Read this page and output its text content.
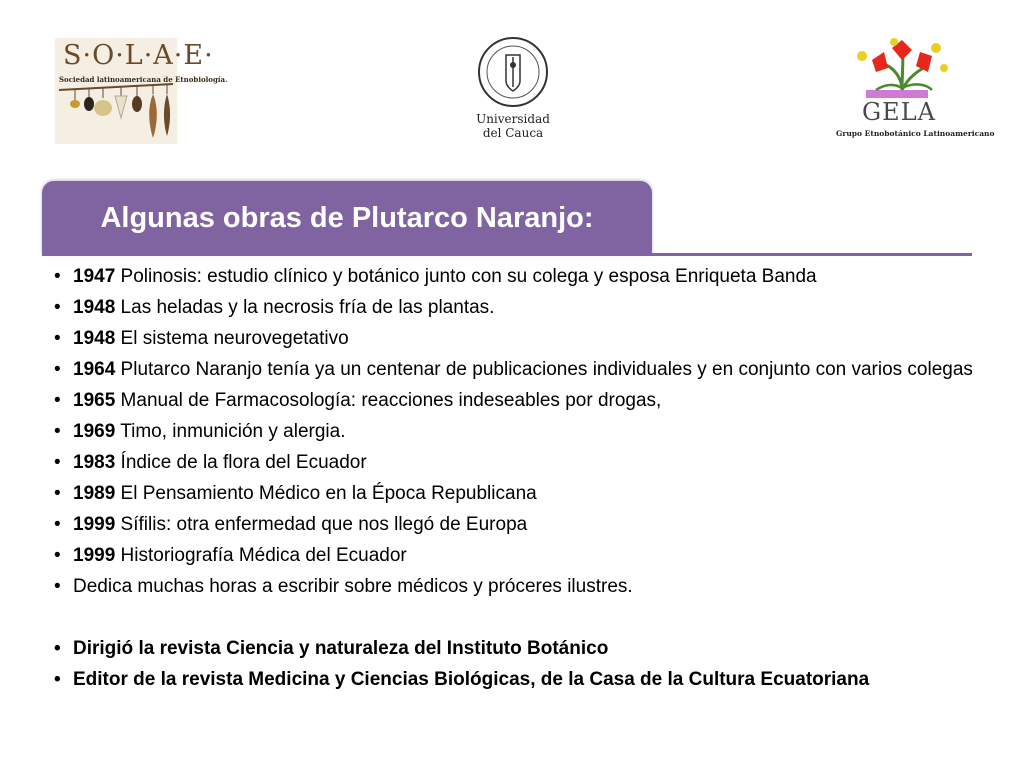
S·O·L·A·E·
Sociedad latinoamericana de Etnobiología.
Universidad
del Cauca
GELA
Grupo Etnobotánico Latinoamericano
Algunas obras de Plutarco Naranjo:
• 1947 Polinosis: estudio clínico y botánico junto con su colega y esposa Enriqueta Banda
• 1948 Las heladas y la necrosis fría de las plantas.
• 1948 El sistema neurovegetativo
• 1964 Plutarco Naranjo tenía ya un centenar de publicaciones individuales y en conjunto con varios colegas
• 1965 Manual de Farmacosología: reacciones indeseables por drogas,
• 1969 Timo, inmunición y alergia.
• 1983 Índice de la flora del Ecuador
• 1989 El Pensamiento Médico en la Época Republicana
• 1999 Sífilis: otra enfermedad que nos llegó de Europa
• 1999 Historiografía Médica del Ecuador
• Dedica muchas horas a escribir sobre médicos y próceres ilustres.
• Dirigió la revista Ciencia y naturaleza del Instituto Botánico
• Editor de la revista Medicina y Ciencias Biológicas, de la Casa de la Cultura Ecuatoriana
